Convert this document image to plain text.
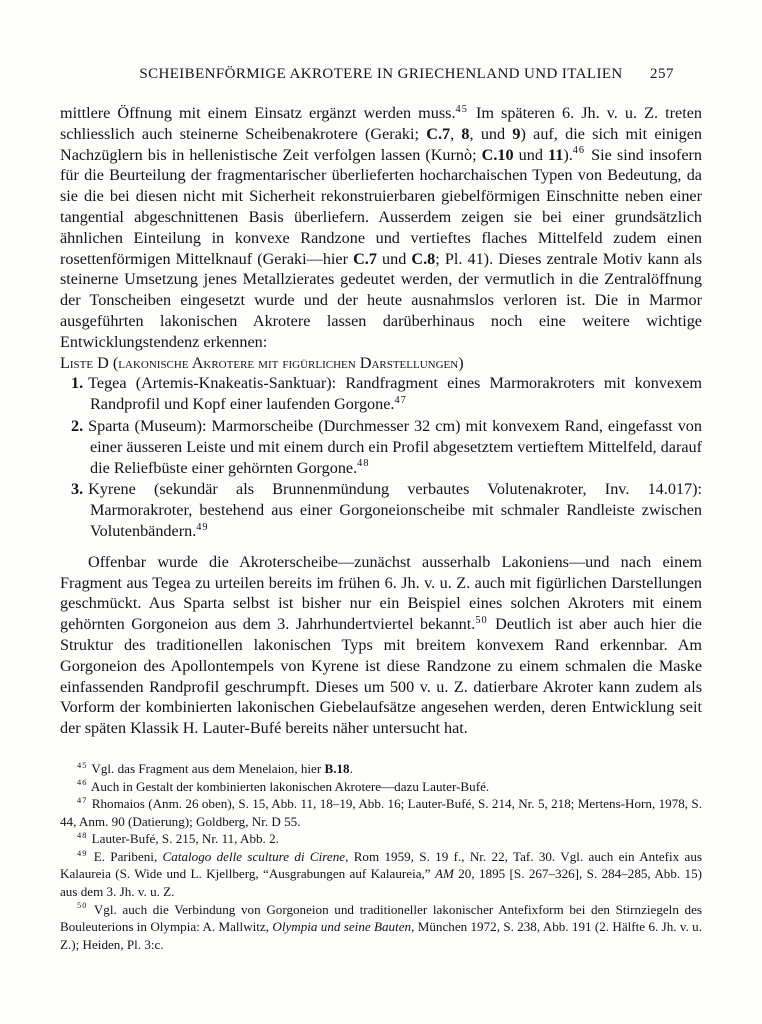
SCHEIBENFÖRMIGE AKROTERE IN GRIECHENLAND UND ITALIEN 257

mittlere Öffnung mit einem Einsatz ergänzt werden muss.$^{45}$ Im späteren 6. Jh. v. u. Z. treten schliesslich auch steinerne Scheibenakrotere (Geraki; C.7, 8, und 9) auf, die sich mit einigen Nachzüglern bis in hellenistische Zeit verfolgen lassen (Kurnò; C.10 und 11).$^{46}$ Sie sind insofern für die Beurteilung der fragmentarischer überlieferten hocharchaischen Typen von Bedeutung, da sie die bei diesen nicht mit Sicherheit rekonstruierbaren giebelförmigen Einschnitte neben einer tangential abgeschnittenen Basis überliefern. Ausserdem zeigen sie bei einer grundsätzlich ähnlichen Einteilung in konvexe Randzone und vertieftes flaches Mittelfeld zudem einen rosettenförmigen Mittelknauf (Geraki—hier C.7 und C.8; Pl. 41). Dieses zentrale Motiv kann als steinerne Umsetzung jenes Metallzierates gedeutet werden, der vermutlich in die Zentralöffnung der Tonscheiben eingesetzt wurde und der heute ausnahmslos verloren ist. Die in Marmor ausgeführten lakonischen Akrotere lassen darüberhinaus noch eine weitere wichtige Entwicklungstendenz erkennen:

Liste D (lakonische Akrotere mit figürlichen Darstellungen)

1. Tegea (Artemis-Knakeatis-Sanktuar): Randfragment eines Marmorakroters mit konvexem Randprofil und Kopf einer laufenden Gorgone.$^{47}$
2. Sparta (Museum): Marmorscheibe (Durchmesser 32 cm) mit konvexem Rand, eingefasst von einer äusseren Leiste und mit einem durch ein Profil abgesetztem vertieftem Mittelfeld, darauf die Reliefbüste einer gehörnten Gorgone.$^{48}$
3. Kyrene (sekundär als Brunnenmündung verbautes Volutenakroter, Inv. 14.017): Marmorakroter, bestehend aus einer Gorgoneionscheibe mit schmaler Randleiste zwischen Volutenbändern.$^{49}$

Offenbar wurde die Akroterscheibe—zunächst ausserhalb Lakoniens—und nach einem Fragment aus Tegea zu urteilen bereits im frühen 6. Jh. v. u. Z. auch mit figürlichen Darstellungen geschmückt. Aus Sparta selbst ist bisher nur ein Beispiel eines solchen Akroters mit einem gehörnten Gorgoneion aus dem 3. Jahrhundertviertel bekannt.$^{50}$ Deutlich ist aber auch hier die Struktur des traditionellen lakonischen Typs mit breitem konvexem Rand erkennbar. Am Gorgoneion des Apollontempels von Kyrene ist diese Randzone zu einem schmalen die Maske einfassenden Randprofil geschrumpft. Dieses um 500 v. u. Z. datierbare Akroter kann zudem als Vorform der kombinierten lakonischen Giebelaufsätze angesehen werden, deren Entwicklung seit der späten Klassik H. Lauter-Bufé bereits näher untersucht hat.

$^{45}$ Vgl. das Fragment aus dem Menelaion, hier B.18.

$^{46}$ Auch in Gestalt der kombinierten lakonischen Akrotere—dazu Lauter-Bufé.

$^{47}$ Rhomaios (Anm. 26 oben), S. 15, Abb. 11, 18–19, Abb. 16; Lauter-Bufé, S. 214, Nr. 5, 218; Mertens-Horn, 1978, S. 44, Anm. 90 (Datierung); Goldberg, Nr. D 55.

$^{48}$ Lauter-Bufé, S. 215, Nr. 11, Abb. 2.

$^{49}$ E. Paribeni, Catalogo delle sculture di Cirene, Rom 1959, S. 19 f., Nr. 22, Taf. 30. Vgl. auch ein Antefix aus Kalaureia (S. Wide und L. Kjellberg, “Ausgrabungen auf Kalaureia,” AM 20, 1895 [S. 267–326], S. 284–285, Abb. 15) aus dem 3. Jh. v. u. Z.

$^{50}$ Vgl. auch die Verbindung von Gorgoneion und traditioneller lakonischer Antefixform bei den Stirnziegeln des Bouleuterions in Olympia: A. Mallwitz, Olympia und seine Bauten, München 1972, S. 238, Abb. 191 (2. Hälfte 6. Jh. v. u. Z.); Heiden, Pl. 3:c.
